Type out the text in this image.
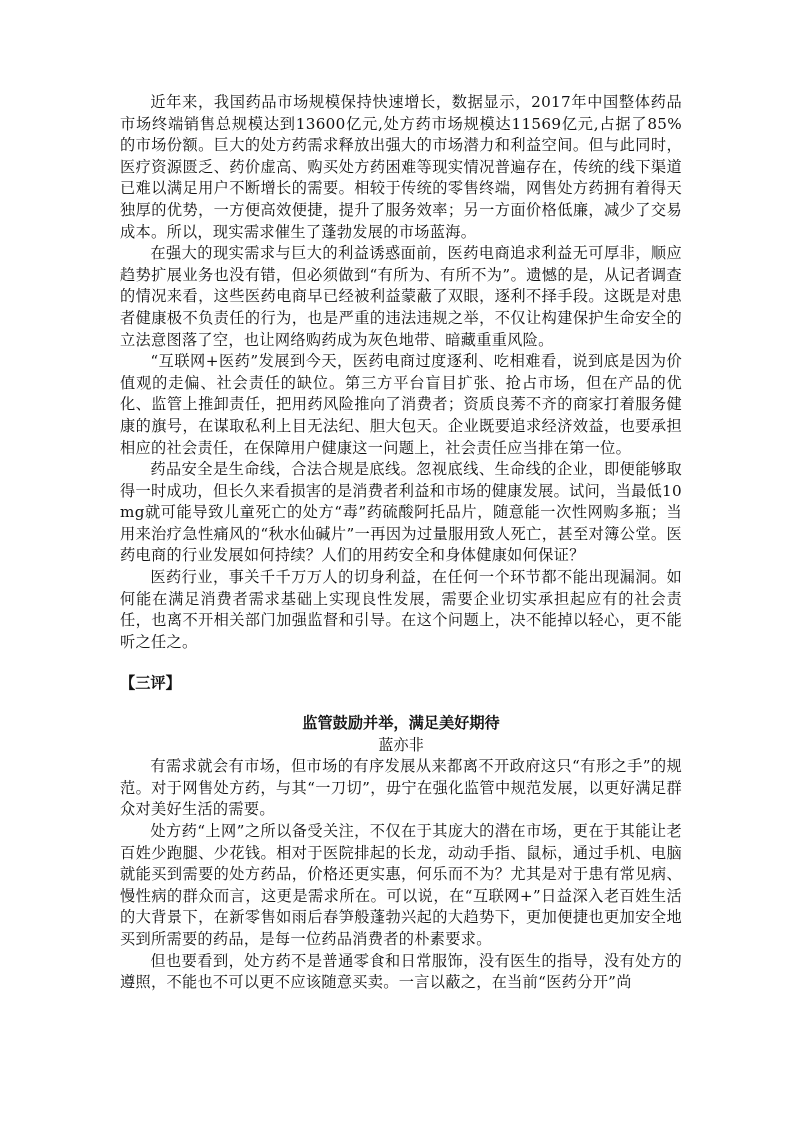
近年来，我国药品市场规模保持快速增长，数据显示，2017年中国整体药品市场终端销售总规模达到13600亿元,处方药市场规模达11569亿元,占据了85%的市场份额。巨大的处方药需求释放出强大的市场潜力和利益空间。但与此同时，医疗资源匮乏、药价虚高、购买处方药困难等现实情况普遍存在，传统的线下渠道已难以满足用户不断增长的需要。相较于传统的零售终端，网售处方药拥有着得天独厚的优势，一方便高效便捷，提升了服务效率；另一方面价格低廉，减少了交易成本。所以，现实需求催生了蓬勃发展的市场蓝海。

在强大的现实需求与巨大的利益诱惑面前，医药电商追求利益无可厚非，顺应趋势扩展业务也没有错，但必须做到“有所为、有所不为”。遗憾的是，从记者调查的情况来看，这些医药电商早已经被利益蒙蔽了双眼，逐利不择手段。这既是对患者健康极不负责任的行为，也是严重的违法违规之举，不仅让构建保护生命安全的立法意图落了空，也让网络购药成为灰色地带、暗藏重重风险。

“互联网+医药”发展到今天，医药电商过度逐利、吃相难看，说到底是因为价值观的走偏、社会责任的缺位。第三方平台盲目扩张、抢占市场，但在产品的优化、监管上推卸责任，把用药风险推向了消费者；资质良莠不齐的商家打着服务健康的旗号，在谋取私利上目无法纪、胆大包天。企业既要追求经济效益，也要承担相应的社会责任，在保障用户健康这一问题上，社会责任应当排在第一位。

药品安全是生命线，合法合规是底线。忽视底线、生命线的企业，即便能够取得一时成功，但长久来看损害的是消费者利益和市场的健康发展。试问，当最低10mg就可能导致儿童死亡的处方“毒”药硫酸阿托品片，随意能一次性网购多瓶；当用来治疗急性痛风的“秋水仙碱片”一再因为过量服用致人死亡，甚至对簿公堂。医药电商的行业发展如何持续？人们的用药安全和身体健康如何保证？

医药行业，事关千千万万人的切身利益，在任何一个环节都不能出现漏洞。如何能在满足消费者需求基础上实现良性发展，需要企业切实承担起应有的社会责任，也离不开相关部门加强监督和引导。在这个问题上，决不能掉以轻心，更不能听之任之。

【三评】

监管鼓励并举，满足美好期待

蓝亦非

有需求就会有市场，但市场的有序发展从来都离不开政府这只“有形之手”的规范。对于网售处方药，与其“一刀切”，毋宁在强化监管中规范发展，以更好满足群众对美好生活的需要。

处方药“上网”之所以备受关注，不仅在于其庞大的潜在市场，更在于其能让老百姓少跑腿、少花钱。相对于医院排起的长龙，动动手指、鼠标，通过手机、电脑就能买到需要的处方药品，价格还更实惠，何乐而不为？尤其是对于患有常见病、慢性病的群众而言，这更是需求所在。可以说，在“互联网+”日益深入老百姓生活的大背景下，在新零售如雨后春笋般蓬勃兴起的大趋势下，更加便捷也更加安全地买到所需要的药品，是每一位药品消费者的朴素要求。

但也要看到，处方药不是普通零食和日常服饰，没有医生的指导，没有处方的遵照，不能也不可以更不应该随意买卖。一言以蔽之，在当前“医药分开”尚
